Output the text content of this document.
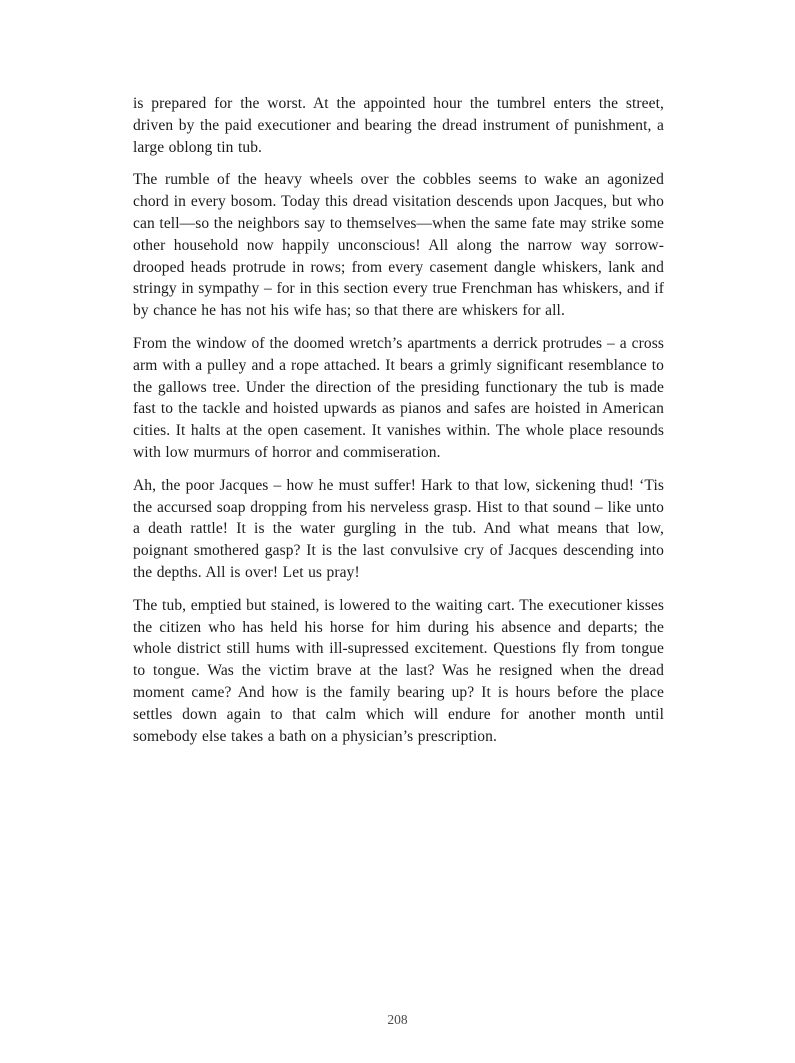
is prepared for the worst. At the appointed hour the tumbrel enters the street, driven by the paid executioner and bearing the dread instrument of punishment, a large oblong tin tub.

The rumble of the heavy wheels over the cobbles seems to wake an agonized chord in every bosom. Today this dread visitation descends upon Jacques, but who can tell—so the neighbors say to themselves—when the same fate may strike some other household now happily unconscious! All along the narrow way sorrow-drooped heads protrude in rows; from every casement dangle whiskers, lank and stringy in sympathy – for in this section every true Frenchman has whiskers, and if by chance he has not his wife has; so that there are whiskers for all.

From the window of the doomed wretch’s apartments a derrick protrudes – a cross arm with a pulley and a rope attached. It bears a grimly significant resemblance to the gallows tree. Under the direction of the presiding functionary the tub is made fast to the tackle and hoisted upwards as pianos and safes are hoisted in American cities. It halts at the open casement. It vanishes within. The whole place resounds with low murmurs of horror and commiseration.

Ah, the poor Jacques – how he must suffer! Hark to that low, sickening thud! ‘Tis the accursed soap dropping from his nerveless grasp. Hist to that sound – like unto a death rattle! It is the water gurgling in the tub. And what means that low, poignant smothered gasp? It is the last convulsive cry of Jacques descending into the depths. All is over! Let us pray!

The tub, emptied but stained, is lowered to the waiting cart. The executioner kisses the citizen who has held his horse for him during his absence and departs; the whole district still hums with ill-supressed excitement. Questions fly from tongue to tongue. Was the victim brave at the last? Was he resigned when the dread moment came? And how is the family bearing up? It is hours before the place settles down again to that calm which will endure for another month until somebody else takes a bath on a physician’s prescription.

208
